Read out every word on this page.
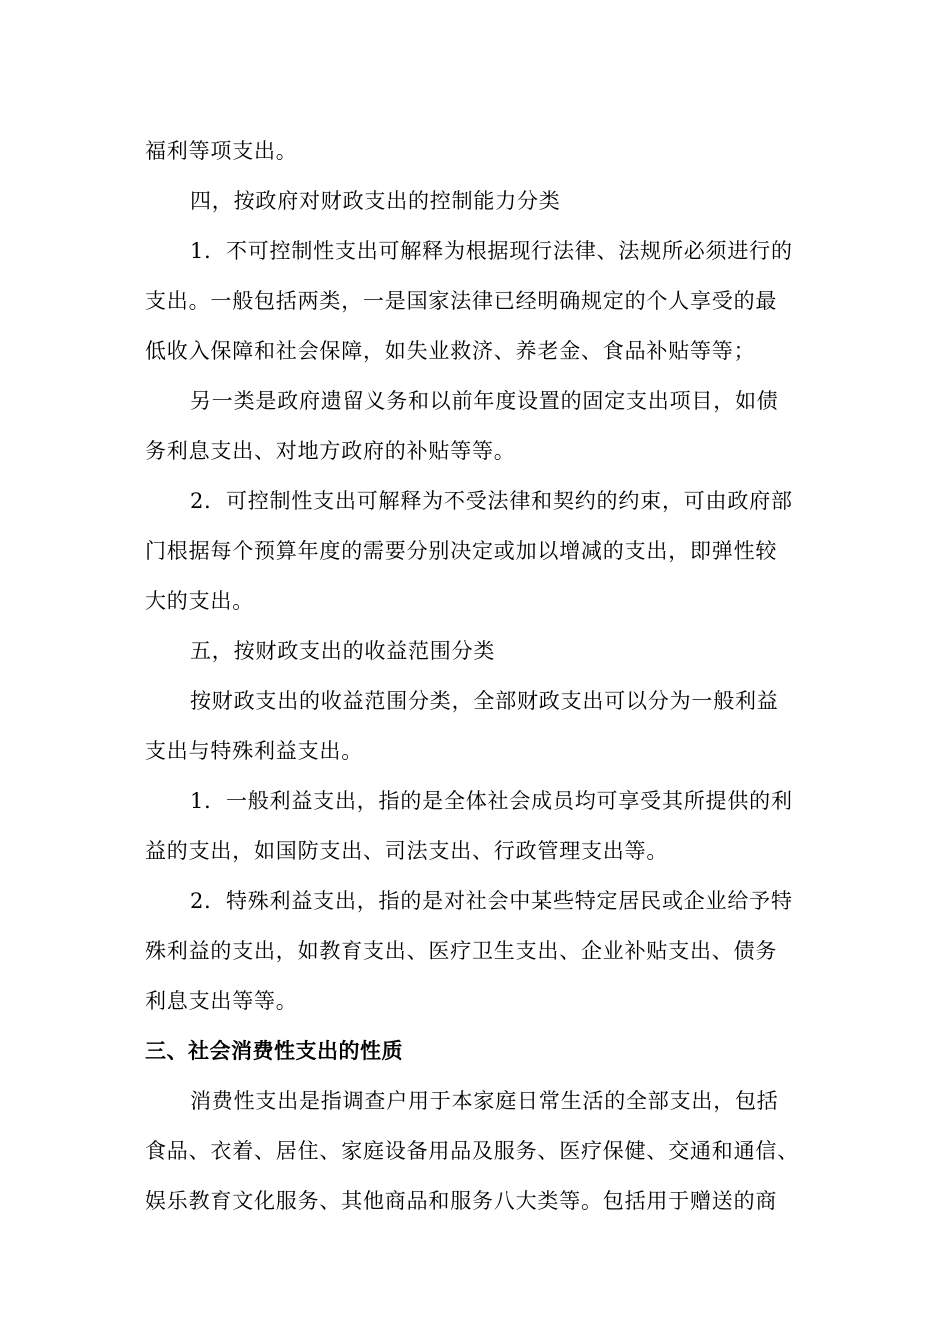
福利等项支出。
四，按政府对财政支出的控制能力分类
1．不可控制性支出可解释为根据现行法律、法规所必须进行的
支出。一般包括两类，一是国家法律已经明确规定的个人享受的最
低收入保障和社会保障，如失业救济、养老金、食品补贴等等；
另一类是政府遗留义务和以前年度设置的固定支出项目，如债
务利息支出、对地方政府的补贴等等。
2．可控制性支出可解释为不受法律和契约的约束，可由政府部
门根据每个预算年度的需要分别决定或加以增减的支出，即弹性较
大的支出。
五，按财政支出的收益范围分类
按财政支出的收益范围分类，全部财政支出可以分为一般利益
支出与特殊利益支出。
1．一般利益支出，指的是全体社会成员均可享受其所提供的利
益的支出，如国防支出、司法支出、行政管理支出等。
2．特殊利益支出，指的是对社会中某些特定居民或企业给予特
殊利益的支出，如教育支出、医疗卫生支出、企业补贴支出、债务
利息支出等等。
三、社会消费性支出的性质
消费性支出是指调查户用于本家庭日常生活的全部支出，包括
食品、衣着、居住、家庭设备用品及服务、医疗保健、交通和通信、
娱乐教育文化服务、其他商品和服务八大类等。包括用于赠送的商
